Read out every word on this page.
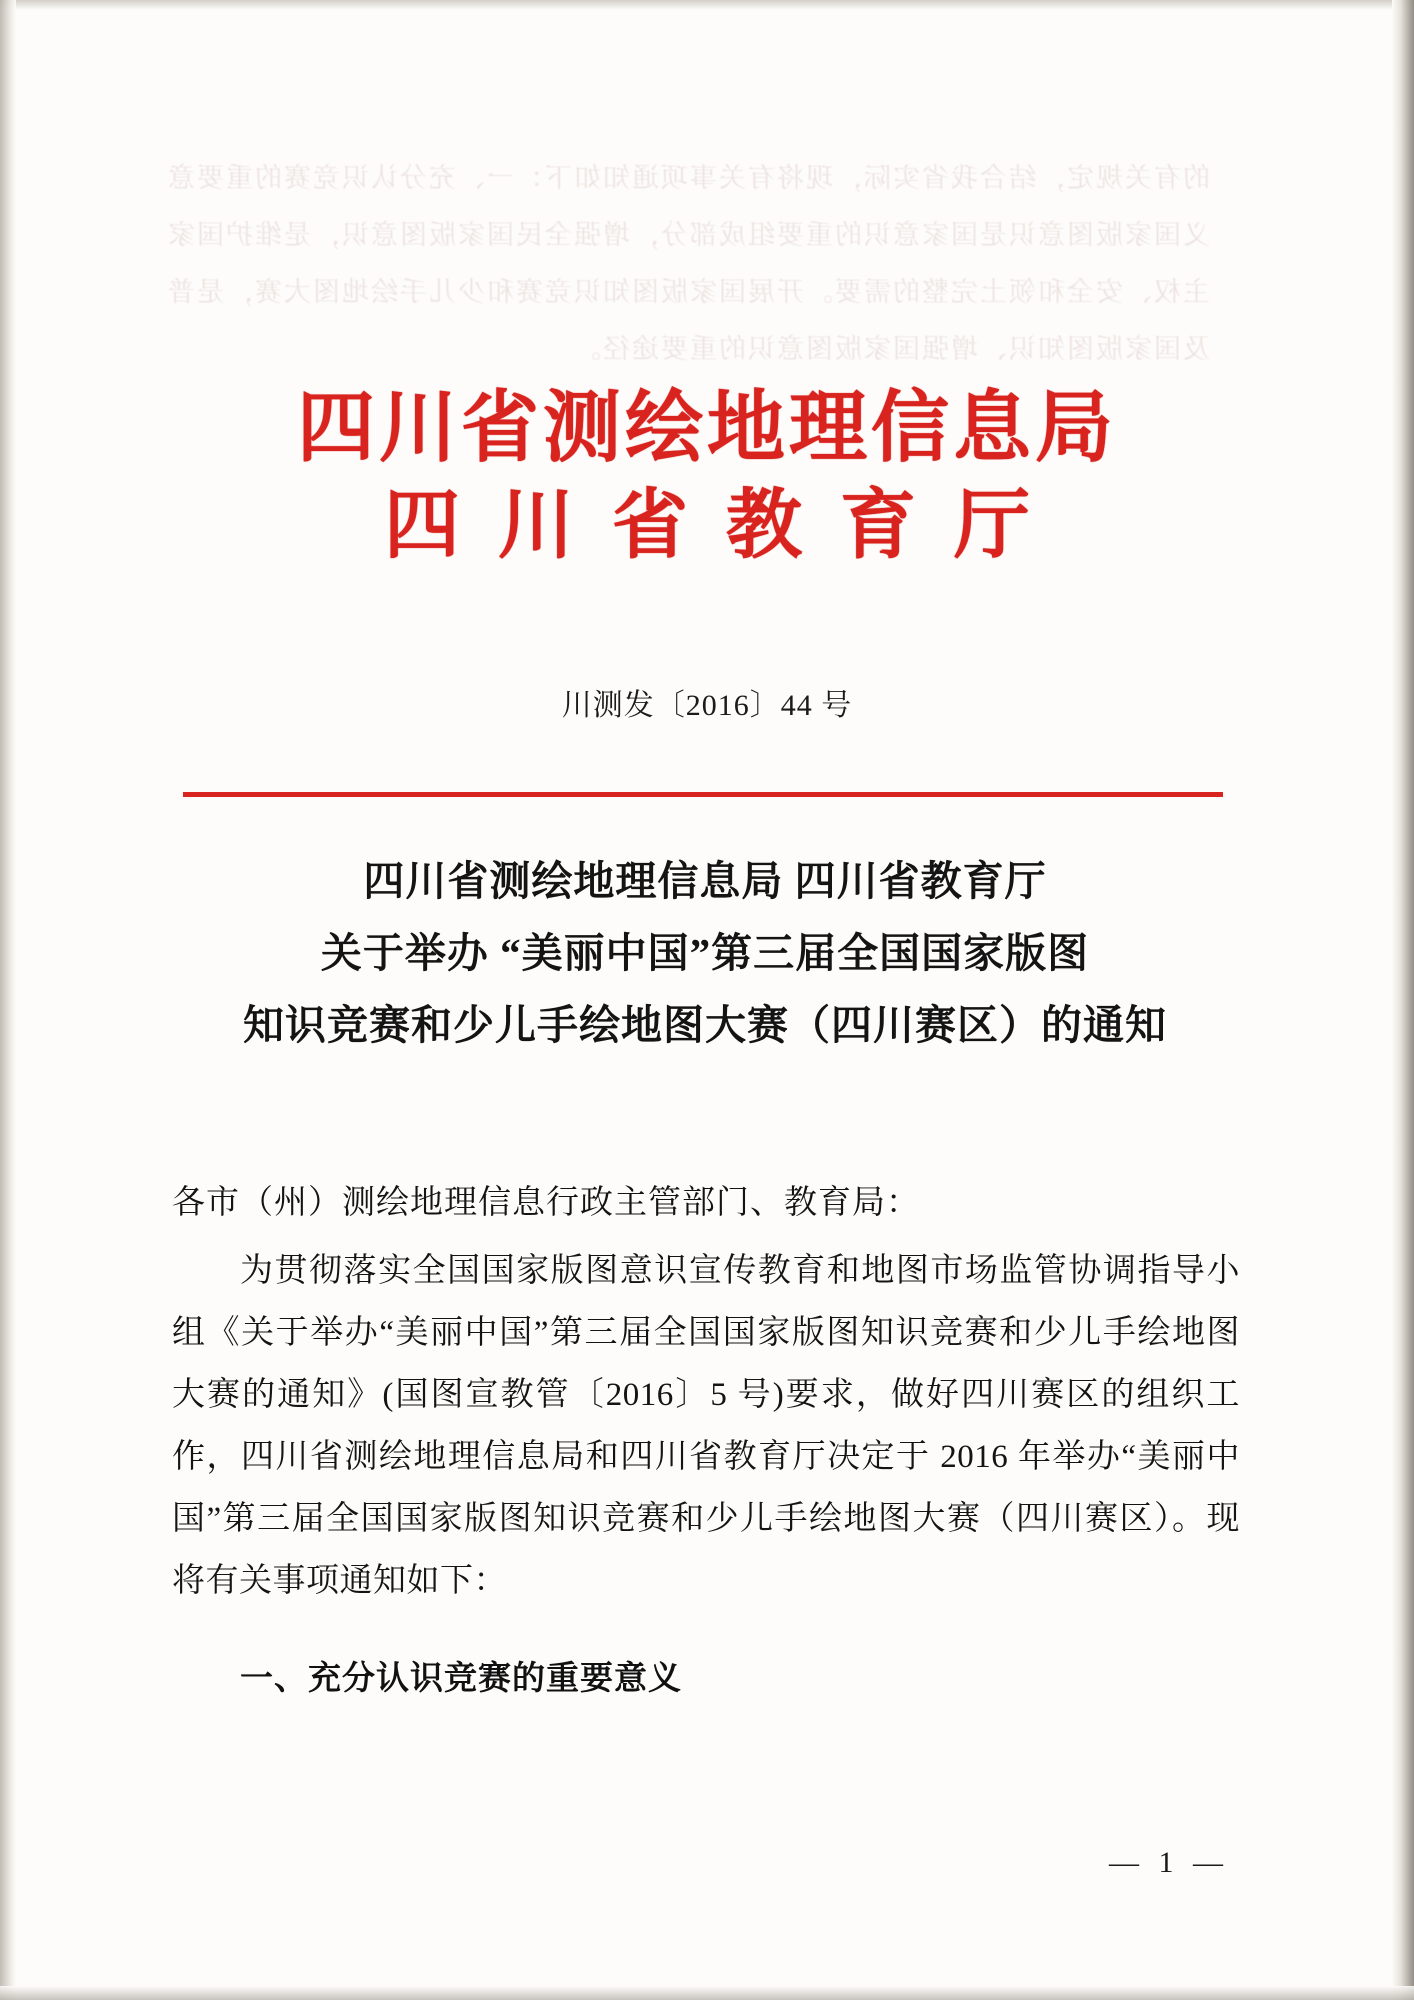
的有关规定，结合我省实际，现将有关事项通知如下：一、充分认识竞赛的重要意义国家版图意识是国家意识的重要组成部分，增强全民国家版图意识，是维护国家主权、安全和领土完整的需要。开展国家版图知识竞赛和少儿手绘地图大赛，是普及国家版图知识、增强国家版图意识的重要途径。
四川省测绘地理信息局
四川省教育厅
川测发〔2016〕44 号
四川省测绘地理信息局 四川省教育厅
关于举办 “美丽中国”第三届全国国家版图
知识竞赛和少儿手绘地图大赛（四川赛区）的通知
各市（州）测绘地理信息行政主管部门、教育局：

为贯彻落实全国国家版图意识宣传教育和地图市场监管协调指导小组《关于举办“美丽中国”第三届全国国家版图知识竞赛和少儿手绘地图大赛的通知》(国图宣教管〔2016〕5 号)要求，做好四川赛区的组织工作，四川省测绘地理信息局和四川省教育厅决定于 2016 年举办“美丽中国”第三届全国国家版图知识竞赛和少儿手绘地图大赛（四川赛区）。现将有关事项通知如下：

一、充分认识竞赛的重要意义
— 1 —
